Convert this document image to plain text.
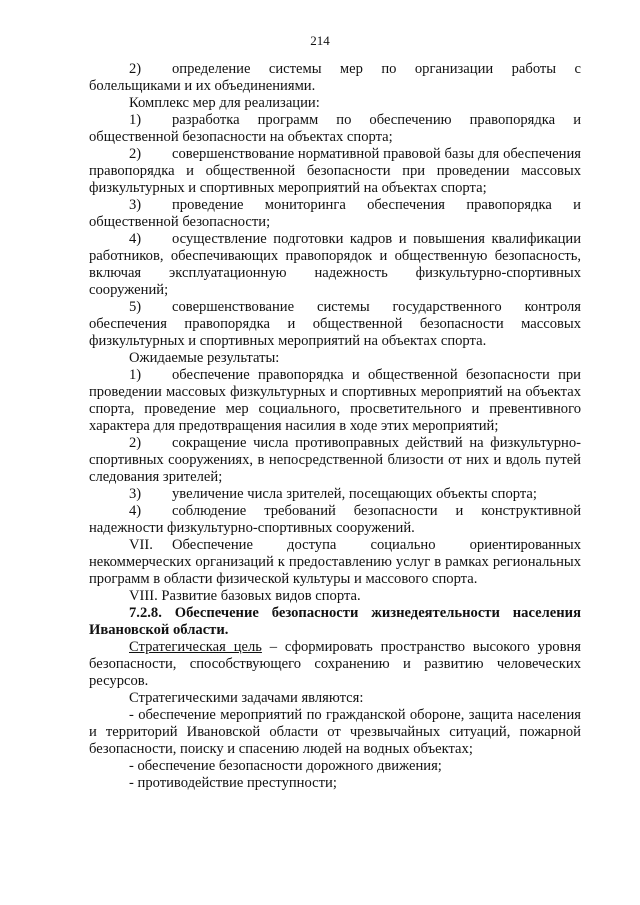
214

2) определение системы мер по организации работы с болельщиками и их объединениями.

Комплекс мер для реализации:

1) разработка программ по обеспечению правопорядка и общественной безопасности на объектах спорта;

2) совершенствование нормативной правовой базы для обеспечения правопорядка и общественной безопасности при проведении массовых физкультурных и спортивных мероприятий на объектах спорта;

3) проведение мониторинга обеспечения правопорядка и общественной безопасности;

4) осуществление подготовки кадров и повышения квалификации работников, обеспечивающих правопорядок и общественную безопасность, включая эксплуатационную надежность физкультурно-спортивных сооружений;

5) совершенствование системы государственного контроля обеспечения правопорядка и общественной безопасности массовых физкультурных и спортивных мероприятий на объектах спорта.

Ожидаемые результаты:

1) обеспечение правопорядка и общественной безопасности при проведении массовых физкультурных и спортивных мероприятий на объектах спорта, проведение мер социального, просветительного и превентивного характера для предотвращения насилия в ходе этих мероприятий;

2) сокращение числа противоправных действий на физкультурно-спортивных сооружениях, в непосредственной близости от них и вдоль путей следования зрителей;

3) увеличение числа зрителей, посещающих объекты спорта;

4) соблюдение требований безопасности и конструктивной надежности физкультурно-спортивных сооружений.

VII. Обеспечение доступа социально ориентированных некоммерческих организаций к предоставлению услуг в рамках региональных программ в области физической культуры и массового спорта.

VIII. Развитие базовых видов спорта.

7.2.8. Обеспечение безопасности жизнедеятельности населения Ивановской области.

Стратегическая цель – сформировать пространство высокого уровня безопасности, способствующего сохранению и развитию человеческих ресурсов.

Стратегическими задачами являются:

- обеспечение мероприятий по гражданской обороне, защита населения и территорий Ивановской области от чрезвычайных ситуаций, пожарной безопасности, поиску и спасению людей на водных объектах;

- обеспечение безопасности дорожного движения;

- противодействие преступности;
